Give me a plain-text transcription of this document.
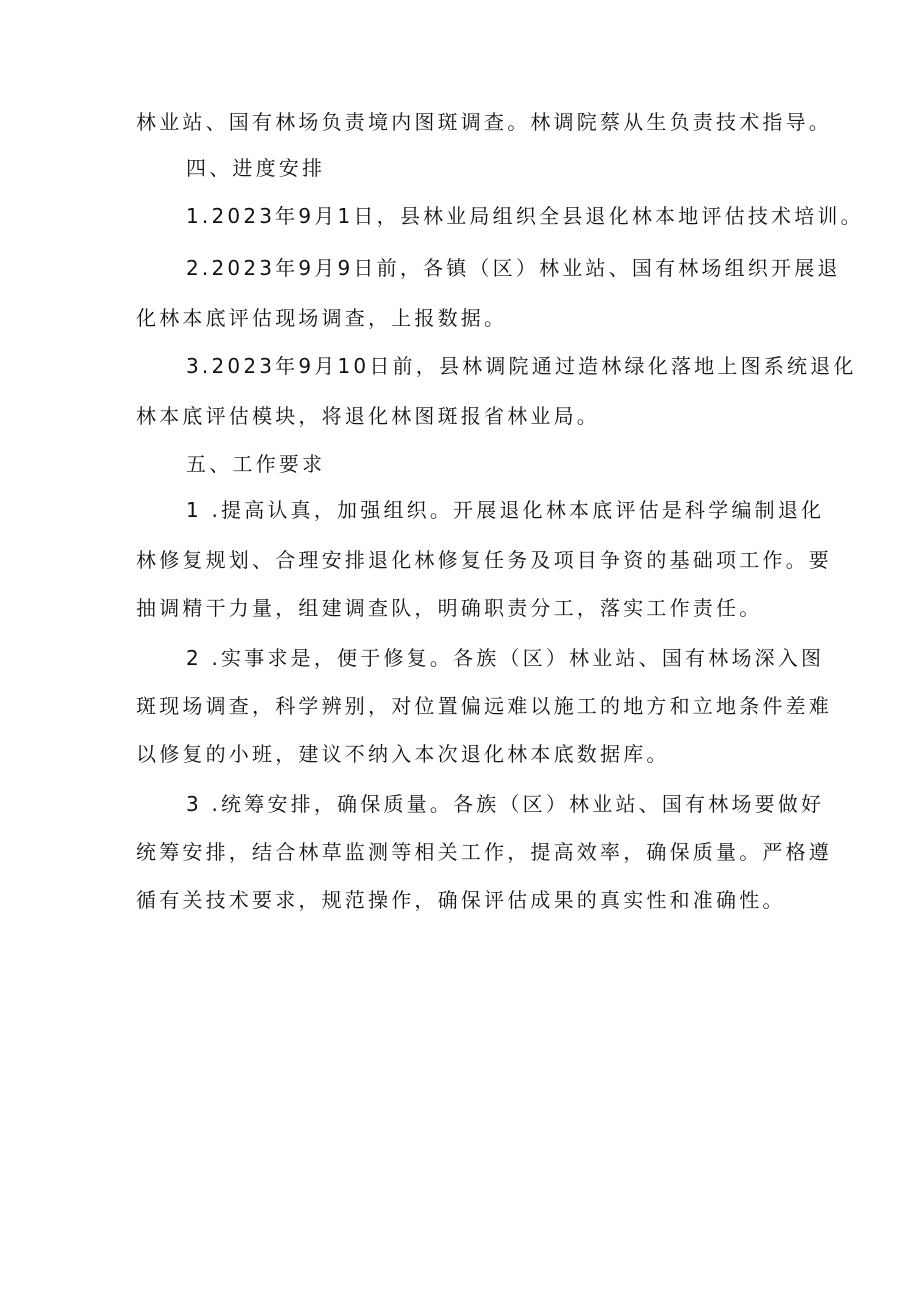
林业站、国有林场负责境内图斑调查。林调院蔡从生负责技术指导。
四、进度安排
1.2023年9月1日，县林业局组织全县退化林本地评估技术培训。
2.2023年9月9日前，各镇（区）林业站、国有林场组织开展退
化林本底评估现场调查，上报数据。
3.2023年9月10日前，县林调院通过造林绿化落地上图系统退化
林本底评估模块，将退化林图斑报省林业局。
五、工作要求
1 .提高认真，加强组织。开展退化林本底评估是科学编制退化
林修复规划、合理安排退化林修复任务及项目争资的基础项工作。要
抽调精干力量，组建调查队，明确职责分工，落实工作责任。
2 .实事求是，便于修复。各族（区）林业站、国有林场深入图
斑现场调查，科学辨别，对位置偏远难以施工的地方和立地条件差难
以修复的小班，建议不纳入本次退化林本底数据库。
3 .统筹安排，确保质量。各族（区）林业站、国有林场要做好
统筹安排，结合林草监测等相关工作，提高效率，确保质量。严格遵
循有关技术要求，规范操作，确保评估成果的真实性和准确性。
